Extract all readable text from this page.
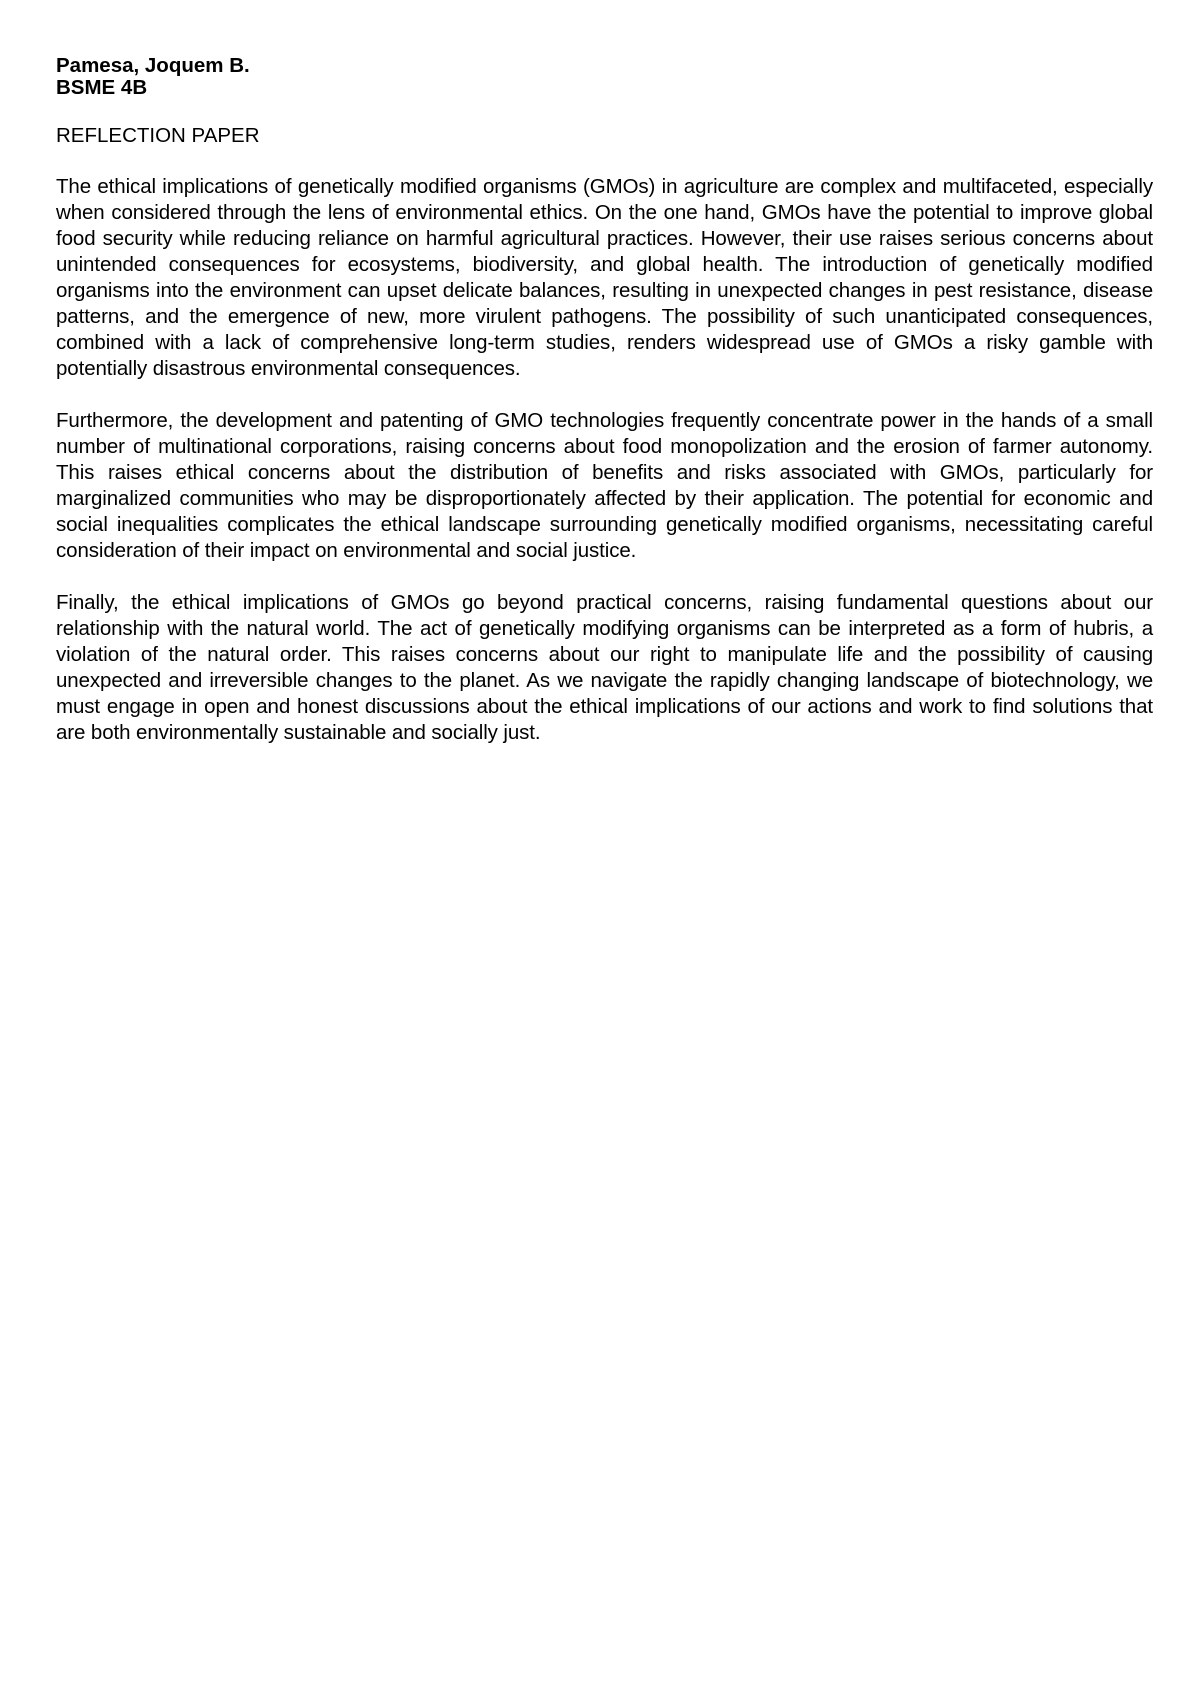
Pamesa, Joquem B.
BSME 4B
REFLECTION PAPER

The ethical implications of genetically modified organisms (GMOs) in agriculture are complex and multifaceted, especially when considered through the lens of environmental ethics. On the one hand, GMOs have the potential to improve global food security while reducing reliance on harmful agricultural practices. However, their use raises serious concerns about unintended consequences for ecosystems, biodiversity, and global health. The introduction of genetically modified organisms into the environment can upset delicate balances, resulting in unexpected changes in pest resistance, disease patterns, and the emergence of new, more virulent pathogens. The possibility of such unanticipated consequences, combined with a lack of comprehensive long-term studies, renders widespread use of GMOs a risky gamble with potentially disastrous environmental consequences.

Furthermore, the development and patenting of GMO technologies frequently concentrate power in the hands of a small number of multinational corporations, raising concerns about food monopolization and the erosion of farmer autonomy. This raises ethical concerns about the distribution of benefits and risks associated with GMOs, particularly for marginalized communities who may be disproportionately affected by their application. The potential for economic and social inequalities complicates the ethical landscape surrounding genetically modified organisms, necessitating careful consideration of their impact on environmental and social justice.

Finally, the ethical implications of GMOs go beyond practical concerns, raising fundamental questions about our relationship with the natural world. The act of genetically modifying organisms can be interpreted as a form of hubris, a violation of the natural order. This raises concerns about our right to manipulate life and the possibility of causing unexpected and irreversible changes to the planet. As we navigate the rapidly changing landscape of biotechnology, we must engage in open and honest discussions about the ethical implications of our actions and work to find solutions that are both environmentally sustainable and socially just.
